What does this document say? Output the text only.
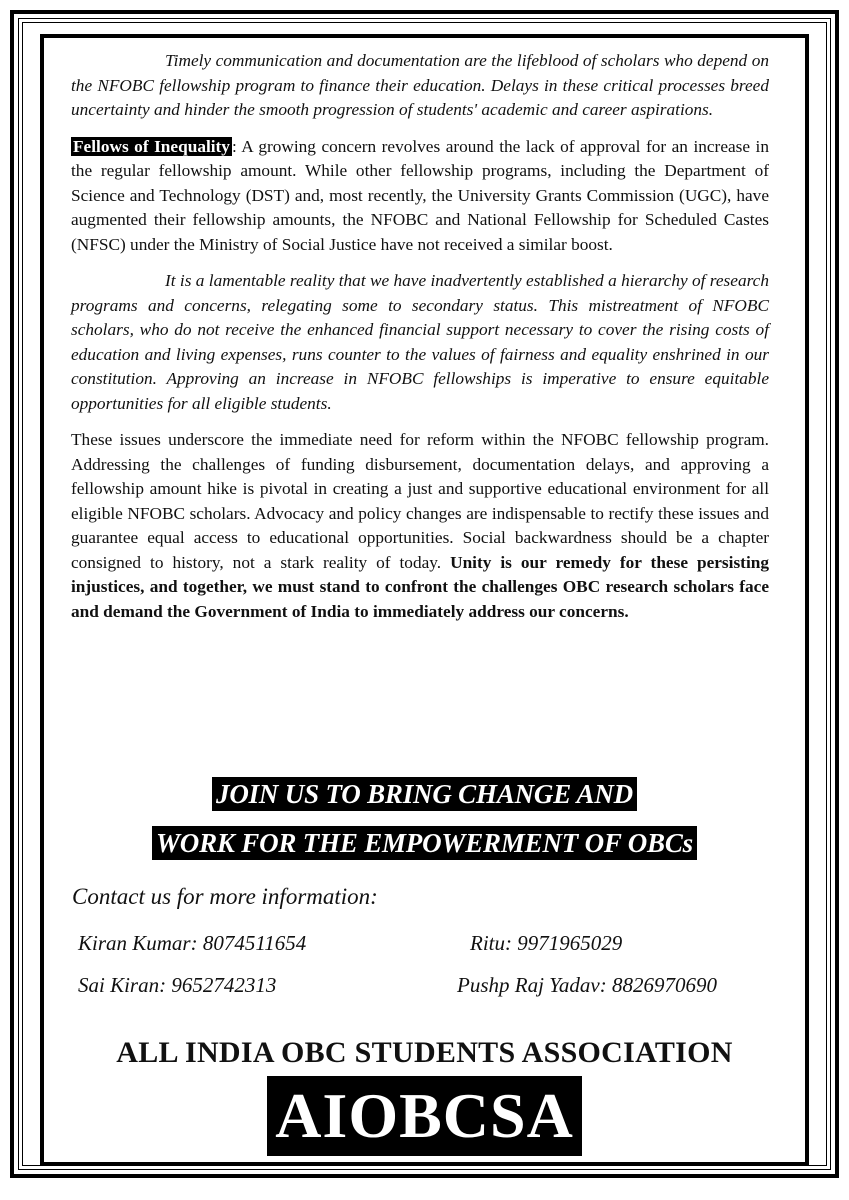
Timely communication and documentation are the lifeblood of scholars who depend on the NFOBC fellowship program to finance their education. Delays in these critical processes breed uncertainty and hinder the smooth progression of students' academic and career aspirations.

Fellows of Inequality : A growing concern revolves around the lack of approval for an increase in the regular fellowship amount. While other fellowship programs, including the Department of Science and Technology (DST) and, most recently, the University Grants Commission (UGC), have augmented their fellowship amounts, the NFOBC and National Fellowship for Scheduled Castes (NFSC) under the Ministry of Social Justice have not received a similar boost.

It is a lamentable reality that we have inadvertently established a hierarchy of research programs and concerns, relegating some to secondary status. This mistreatment of NFOBC scholars, who do not receive the enhanced financial support necessary to cover the rising costs of education and living expenses, runs counter to the values of fairness and equality enshrined in our constitution. Approving an increase in NFOBC fellowships is imperative to ensure equitable opportunities for all eligible students.

These issues underscore the immediate need for reform within the NFOBC fellowship program. Addressing the challenges of funding disbursement, documentation delays, and approving a fellowship amount hike is pivotal in creating a just and supportive educational environment for all eligible NFOBC scholars. Advocacy and policy changes are indispensable to rectify these issues and guarantee equal access to educational opportunities. Social backwardness should be a chapter consigned to history, not a stark reality of today. Unity is our remedy for these persisting injustices, and together, we must stand to confront the challenges OBC research scholars face and demand the Government of India to immediately address our concerns.

JOIN US TO BRING CHANGE AND
WORK FOR THE EMPOWERMENT OF OBCs
Contact us for more information:
Kiran Kumar: 8074511654	Ritu: 9971965029
Sai Kiran: 9652742313	Pushp Raj Yadav: 8826970690
ALL INDIA OBC STUDENTS ASSOCIATION
AIOBCSA
